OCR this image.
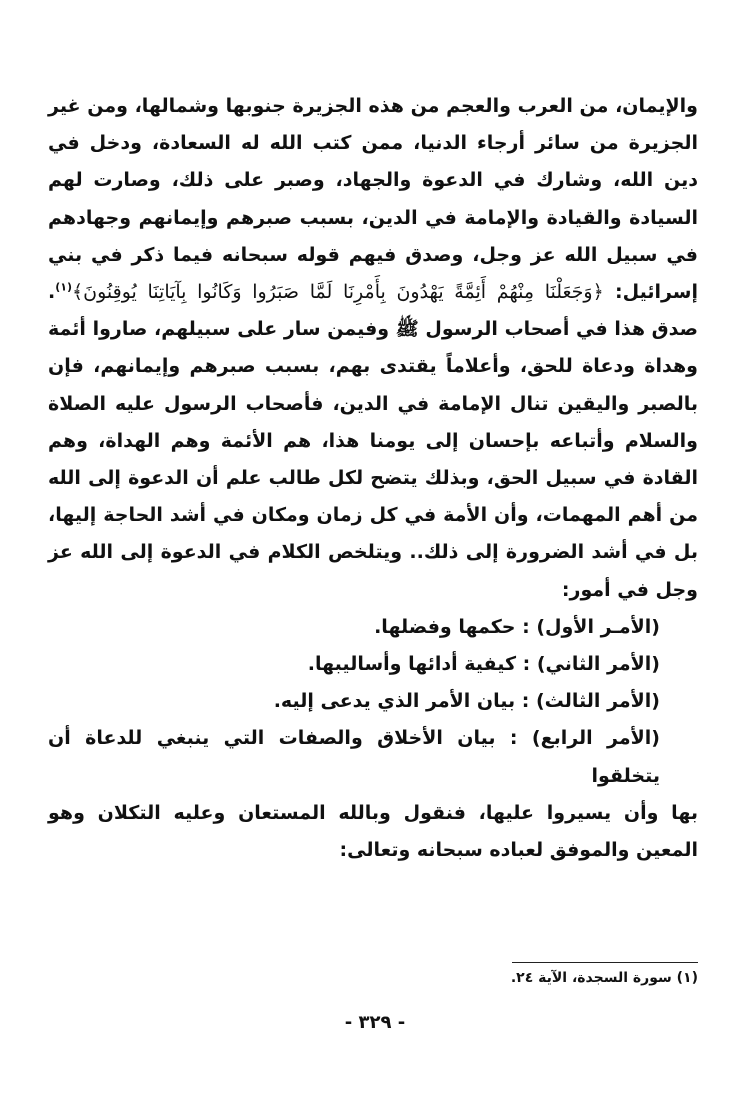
والإيمان، من العرب والعجم من هذه الجزيرة جنوبها وشمالها، ومن غير الجزيرة من سائر أرجاء الدنيا، ممن كتب الله له السعادة، ودخل في دين الله، وشارك في الدعوة والجهاد، وصبر على ذلك، وصارت لهم السيادة والقيادة والإمامة في الدين، بسبب صبرهم وإيمانهم وجهادهم في سبيل الله عز وجل، وصدق فيهم قوله سبحانه فيما ذكر في بني إسرائيل: ﴿وَجَعَلْنَا مِنْهُمْ أَئِمَّةً يَهْدُونَ بِأَمْرِنَا لَمَّا صَبَرُوا وَكَانُوا بِآيَاتِنَا يُوقِنُونَ﴾$^{(١)}$. صدق هذا في أصحاب الرسول ﷺ وفيمن سار على سبيلهم، صاروا أئمة وهداة ودعاة للحق، وأعلاماً يقتدى بهم، بسبب صبرهم وإيمانهم، فإن بالصبر واليقين تنال الإمامة في الدين، فأصحاب الرسول عليه الصلاة والسلام وأتباعه بإحسان إلى يومنا هذا، هم الأئمة وهم الهداة، وهم القادة في سبيل الحق، وبذلك يتضح لكل طالب علم أن الدعوة إلى الله من أهم المهمات، وأن الأمة في كل زمان ومكان في أشد الحاجة إليها، بل في أشد الضرورة إلى ذلك.. ويتلخص الكلام في الدعوة إلى الله عز وجل في أمور:

(الأمـر الأول) : حكمها وفضلها.

(الأمر الثاني) : كيفية أدائها وأساليبها.

(الأمر الثالث) : بيان الأمر الذي يدعى إليه.

(الأمر الرابع) : بيان الأخلاق والصفات التي ينبغي للدعاة أن يتخلقوا

بها وأن يسيروا عليها، فنقول وبالله المستعان وعليه التكلان وهو المعين والموفق لعباده سبحانه وتعالى:

(١) سورة السجدة، الآية ٢٤.
- ٣٢٩ -
